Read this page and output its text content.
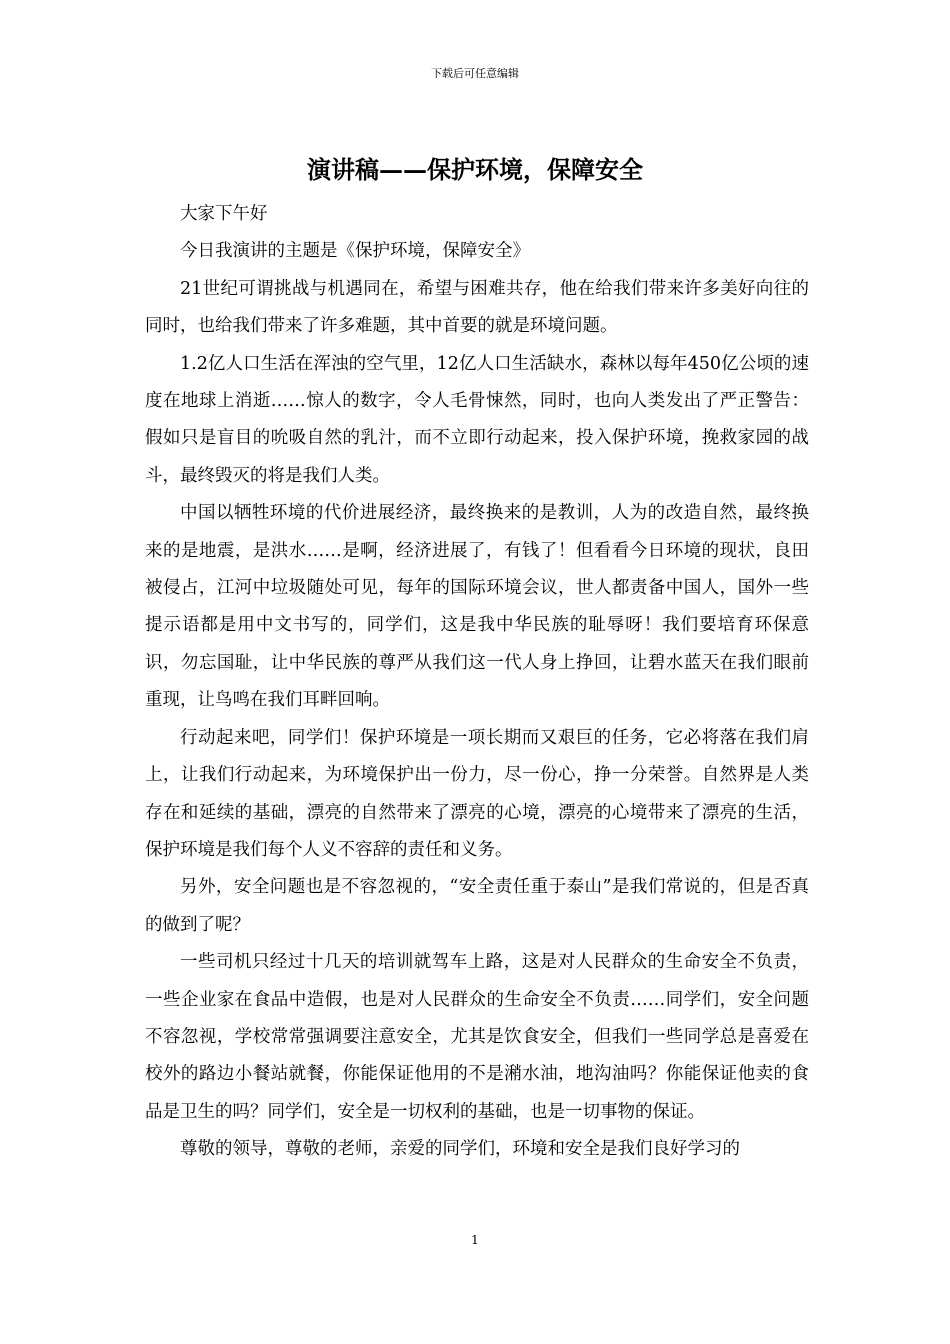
下载后可任意编辑
演讲稿——保护环境，保障安全

大家下午好

今日我演讲的主题是《保护环境，保障安全》

21世纪可谓挑战与机遇同在，希望与困难共存，他在给我们带来许多美好向往的同时，也给我们带来了许多难题，其中首要的就是环境问题。

1.2亿人口生活在浑浊的空气里，12亿人口生活缺水，森林以每年450亿公顷的速度在地球上消逝……惊人的数字，令人毛骨悚然，同时，也向人类发出了严正警告：假如只是盲目的吮吸自然的乳汁，而不立即行动起来，投入保护环境，挽救家园的战斗，最终毁灭的将是我们人类。

中国以牺牲环境的代价进展经济，最终换来的是教训，人为的改造自然，最终换来的是地震，是洪水……是啊，经济进展了，有钱了！但看看今日环境的现状，良田被侵占，江河中垃圾随处可见，每年的国际环境会议，世人都责备中国人，国外一些提示语都是用中文书写的，同学们，这是我中华民族的耻辱呀！我们要培育环保意识，勿忘国耻，让中华民族的尊严从我们这一代人身上挣回，让碧水蓝天在我们眼前重现，让鸟鸣在我们耳畔回响。

行动起来吧，同学们！保护环境是一项长期而又艰巨的任务，它必将落在我们肩上，让我们行动起来，为环境保护出一份力，尽一份心，挣一分荣誉。自然界是人类存在和延续的基础，漂亮的自然带来了漂亮的心境，漂亮的心境带来了漂亮的生活，保护环境是我们每个人义不容辞的责任和义务。

另外，安全问题也是不容忽视的，“安全责任重于泰山”是我们常说的，但是否真的做到了呢？

一些司机只经过十几天的培训就驾车上路，这是对人民群众的生命安全不负责，一些企业家在食品中造假，也是对人民群众的生命安全不负责……同学们，安全问题不容忽视，学校常常强调要注意安全，尤其是饮食安全，但我们一些同学总是喜爱在校外的路边小餐站就餐，你能保证他用的不是潲水油，地沟油吗？你能保证他卖的食品是卫生的吗？同学们，安全是一切权利的基础，也是一切事物的保证。

尊敬的领导，尊敬的老师，亲爱的同学们，环境和安全是我们良好学习的

1
